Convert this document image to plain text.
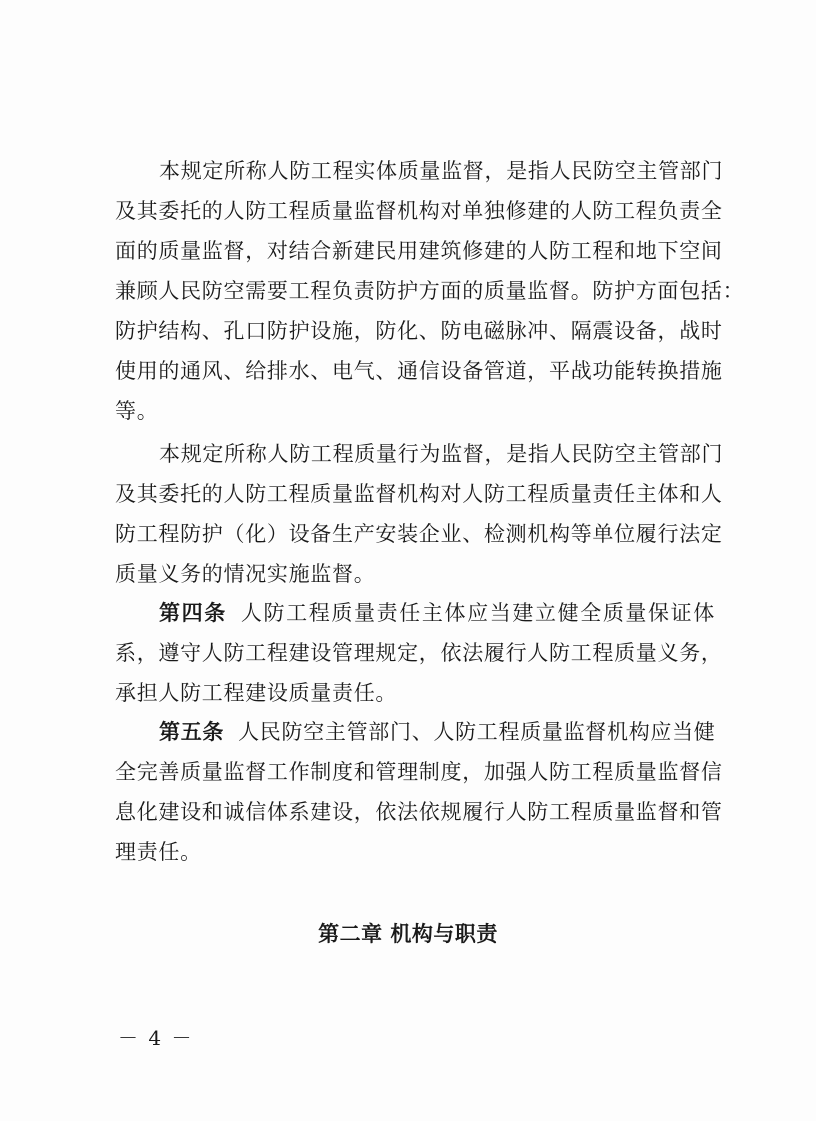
本规定所称人防工程实体质量监督，是指人民防空主管部门
及其委托的人防工程质量监督机构对单独修建的人防工程负责全
面的质量监督，对结合新建民用建筑修建的人防工程和地下空间
兼顾人民防空需要工程负责防护方面的质量监督。防护方面包括：
防护结构、孔口防护设施，防化、防电磁脉冲、隔震设备，战时
使用的通风、给排水、电气、通信设备管道，平战功能转换措施
等。
本规定所称人防工程质量行为监督，是指人民防空主管部门
及其委托的人防工程质量监督机构对人防工程质量责任主体和人
防工程防护（化）设备生产安装企业、检测机构等单位履行法定
质量义务的情况实施监督。
第四条 人防工程质量责任主体应当建立健全质量保证体
系，遵守人防工程建设管理规定，依法履行人防工程质量义务，
承担人防工程建设质量责任。
第五条 人民防空主管部门、人防工程质量监督机构应当健
全完善质量监督工作制度和管理制度，加强人防工程质量监督信
息化建设和诚信体系建设，依法依规履行人防工程质量监督和管
理责任。
第二章 机构与职责
－ 4 －
